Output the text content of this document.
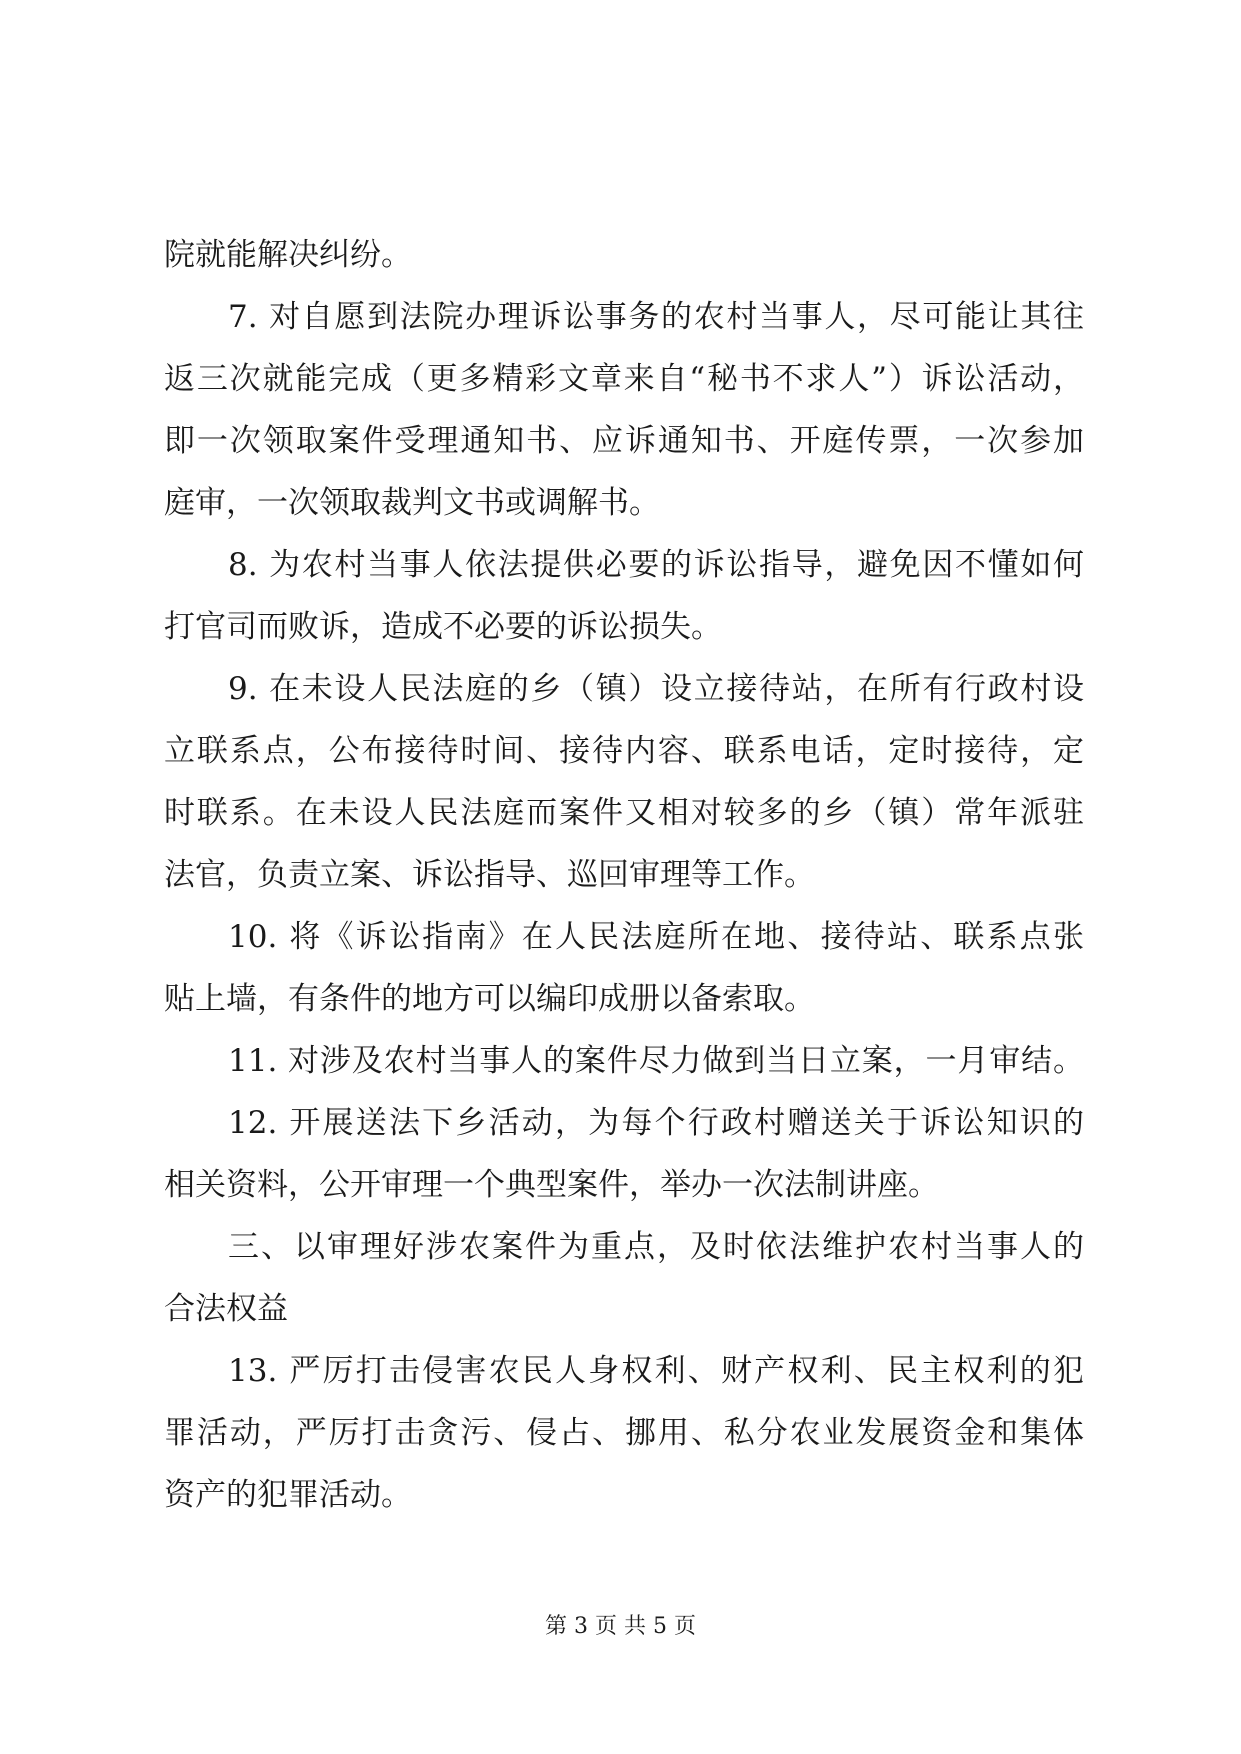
院就能解决纠纷。
7. 对自愿到法院办理诉讼事务的农村当事人，尽可能让其往
返三次就能完成（更多精彩文章来自“秘书不求人”）诉讼活动，
即一次领取案件受理通知书、应诉通知书、开庭传票，一次参加
庭审，一次领取裁判文书或调解书。
8. 为农村当事人依法提供必要的诉讼指导，避免因不懂如何
打官司而败诉，造成不必要的诉讼损失。
9. 在未设人民法庭的乡（镇）设立接待站，在所有行政村设
立联系点，公布接待时间、接待内容、联系电话，定时接待，定
时联系。在未设人民法庭而案件又相对较多的乡（镇）常年派驻
法官，负责立案、诉讼指导、巡回审理等工作。
10. 将《诉讼指南》在人民法庭所在地、接待站、联系点张
贴上墙，有条件的地方可以编印成册以备索取。
11. 对涉及农村当事人的案件尽力做到当日立案，一月审结。
12. 开展送法下乡活动，为每个行政村赠送关于诉讼知识的
相关资料，公开审理一个典型案件，举办一次法制讲座。
三、以审理好涉农案件为重点，及时依法维护农村当事人的
合法权益
13. 严厉打击侵害农民人身权利、财产权利、民主权利的犯
罪活动，严厉打击贪污、侵占、挪用、私分农业发展资金和集体
资产的犯罪活动。
第 3 页 共 5 页
